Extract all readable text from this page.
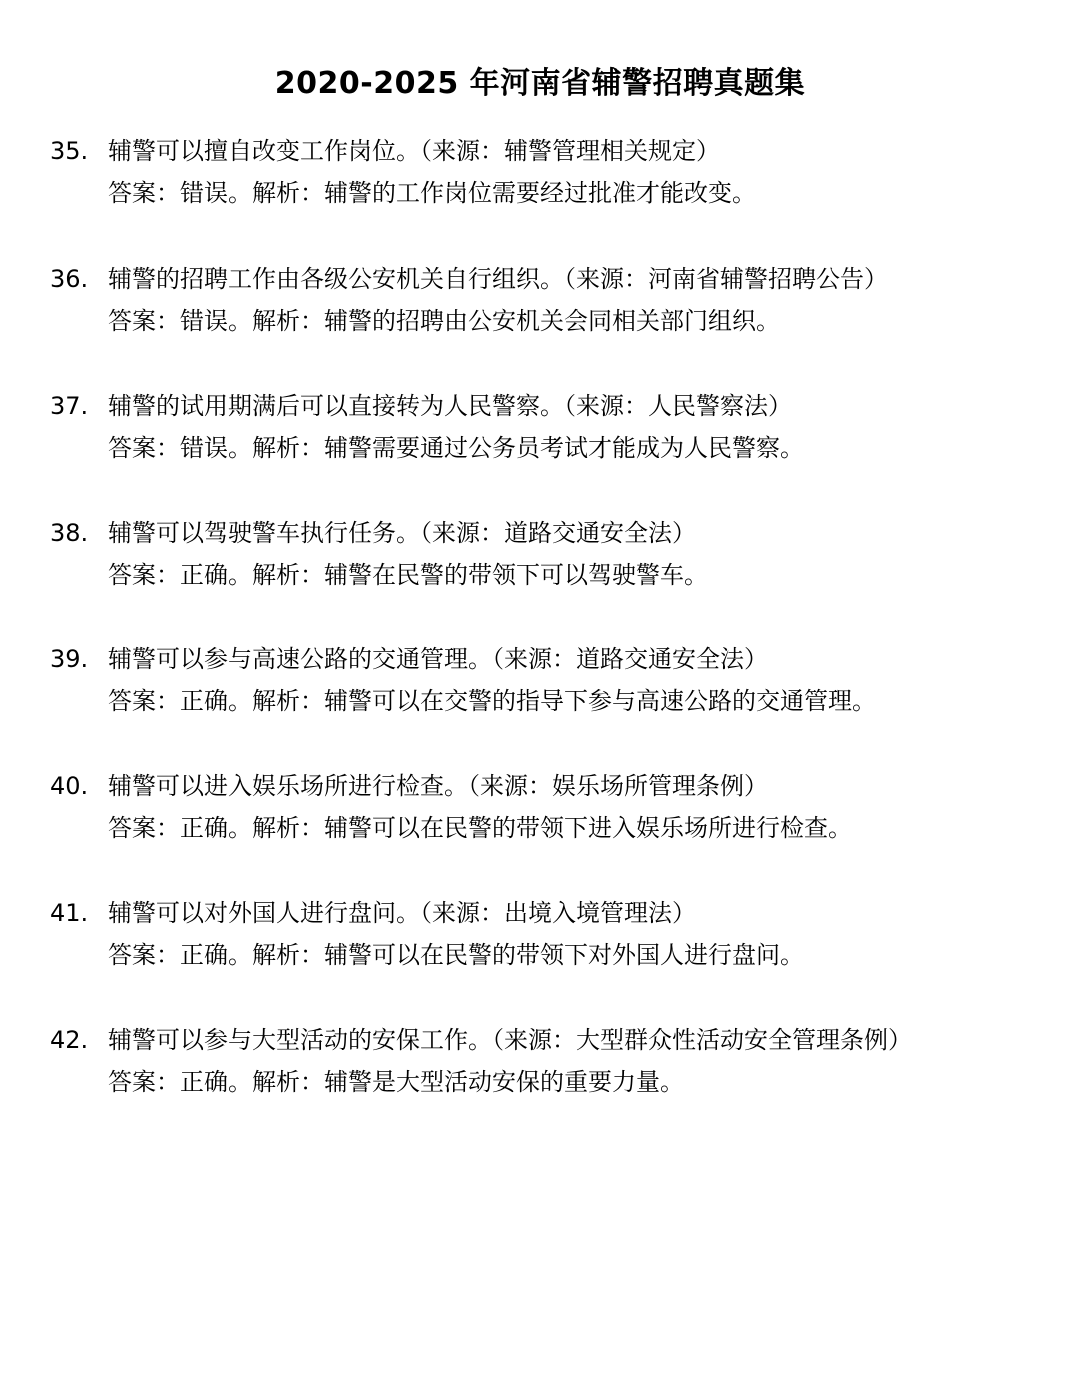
2020-2025 年河南省辅警招聘真题集
35. 辅警可以擅自改变工作岗位。（来源：辅警管理相关规定）
答案：错误。解析：辅警的工作岗位需要经过批准才能改变。
36. 辅警的招聘工作由各级公安机关自行组织。（来源：河南省辅警招聘公告）
答案：错误。解析：辅警的招聘由公安机关会同相关部门组织。
37. 辅警的试用期满后可以直接转为人民警察。（来源：人民警察法）
答案：错误。解析：辅警需要通过公务员考试才能成为人民警察。
38. 辅警可以驾驶警车执行任务。（来源：道路交通安全法）
答案：正确。解析：辅警在民警的带领下可以驾驶警车。
39. 辅警可以参与高速公路的交通管理。（来源：道路交通安全法）
答案：正确。解析：辅警可以在交警的指导下参与高速公路的交通管理。
40. 辅警可以进入娱乐场所进行检查。（来源：娱乐场所管理条例）
答案：正确。解析：辅警可以在民警的带领下进入娱乐场所进行检查。
41. 辅警可以对外国人进行盘问。（来源：出境入境管理法）
答案：正确。解析：辅警可以在民警的带领下对外国人进行盘问。
42. 辅警可以参与大型活动的安保工作。（来源：大型群众性活动安全管理条例）
答案：正确。解析：辅警是大型活动安保的重要力量。
